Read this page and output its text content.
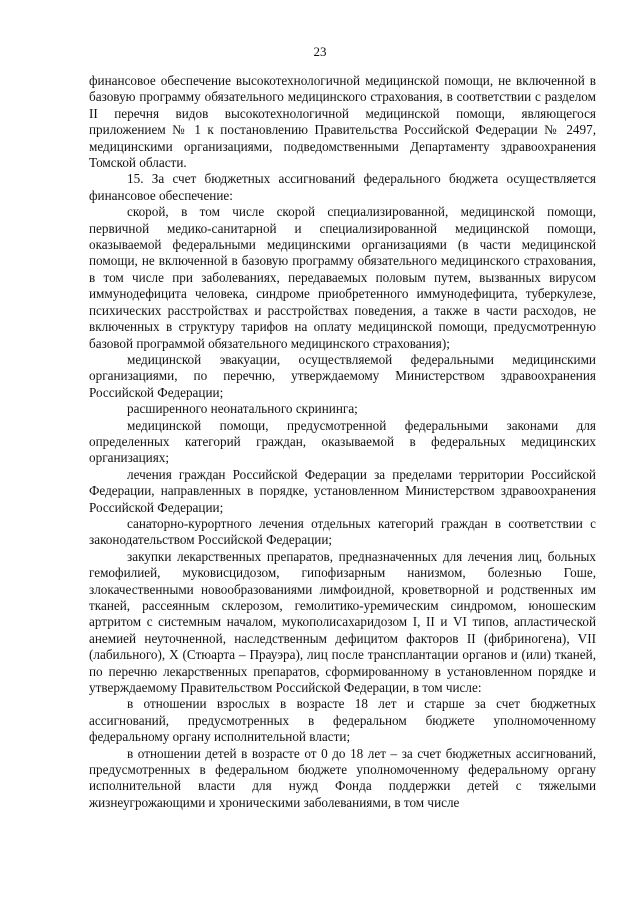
23

финансовое обеспечение высокотехнологичной медицинской помощи, не включенной в базовую программу обязательного медицинского страхования, в соответствии с разделом II перечня видов высокотехнологичной медицинской помощи, являющегося приложением № 1 к постановлению Правительства Российской Федерации № 2497, медицинскими организациями, подведомственными Департаменту здравоохранения Томской области.

15. За счет бюджетных ассигнований федерального бюджета осуществляется финансовое обеспечение:

скорой, в том числе скорой специализированной, медицинской помощи, первичной медико-санитарной и специализированной медицинской помощи, оказываемой федеральными медицинскими организациями (в части медицинской помощи, не включенной в базовую программу обязательного медицинского страхования, в том числе при заболеваниях, передаваемых половым путем, вызванных вирусом иммунодефицита человека, синдроме приобретенного иммунодефицита, туберкулезе, психических расстройствах и расстройствах поведения, а также в части расходов, не включенных в структуру тарифов на оплату медицинской помощи, предусмотренную базовой программой обязательного медицинского страхования);

медицинской эвакуации, осуществляемой федеральными медицинскими организациями, по перечню, утверждаемому Министерством здравоохранения Российской Федерации;

расширенного неонатального скрининга;

медицинской помощи, предусмотренной федеральными законами для определенных категорий граждан, оказываемой в федеральных медицинских организациях;

лечения граждан Российской Федерации за пределами территории Российской Федерации, направленных в порядке, установленном Министерством здравоохранения Российской Федерации;

санаторно-курортного лечения отдельных категорий граждан в соответствии с законодательством Российской Федерации;

закупки лекарственных препаратов, предназначенных для лечения лиц, больных гемофилией, муковисцидозом, гипофизарным нанизмом, болезнью Гоше, злокачественными новообразованиями лимфоидной, кроветворной и родственных им тканей, рассеянным склерозом, гемолитико-уремическим синдромом, юношеским артритом с системным началом, мукополисахаридозом I, II и VI типов, апластической анемией неуточненной, наследственным дефицитом факторов II (фибриногена), VII (лабильного), X (Стюарта – Прауэра), лиц после трансплантации органов и (или) тканей, по перечню лекарственных препаратов, сформированному в установленном порядке и утверждаемому Правительством Российской Федерации, в том числе:

в отношении взрослых в возрасте 18 лет и старше за счет бюджетных ассигнований, предусмотренных в федеральном бюджете уполномоченному федеральному органу исполнительной власти;

в отношении детей в возрасте от 0 до 18 лет – за счет бюджетных ассигнований, предусмотренных в федеральном бюджете уполномоченному федеральному органу исполнительной власти для нужд Фонда поддержки детей с тяжелыми жизнеугрожающими и хроническими заболеваниями, в том числе
